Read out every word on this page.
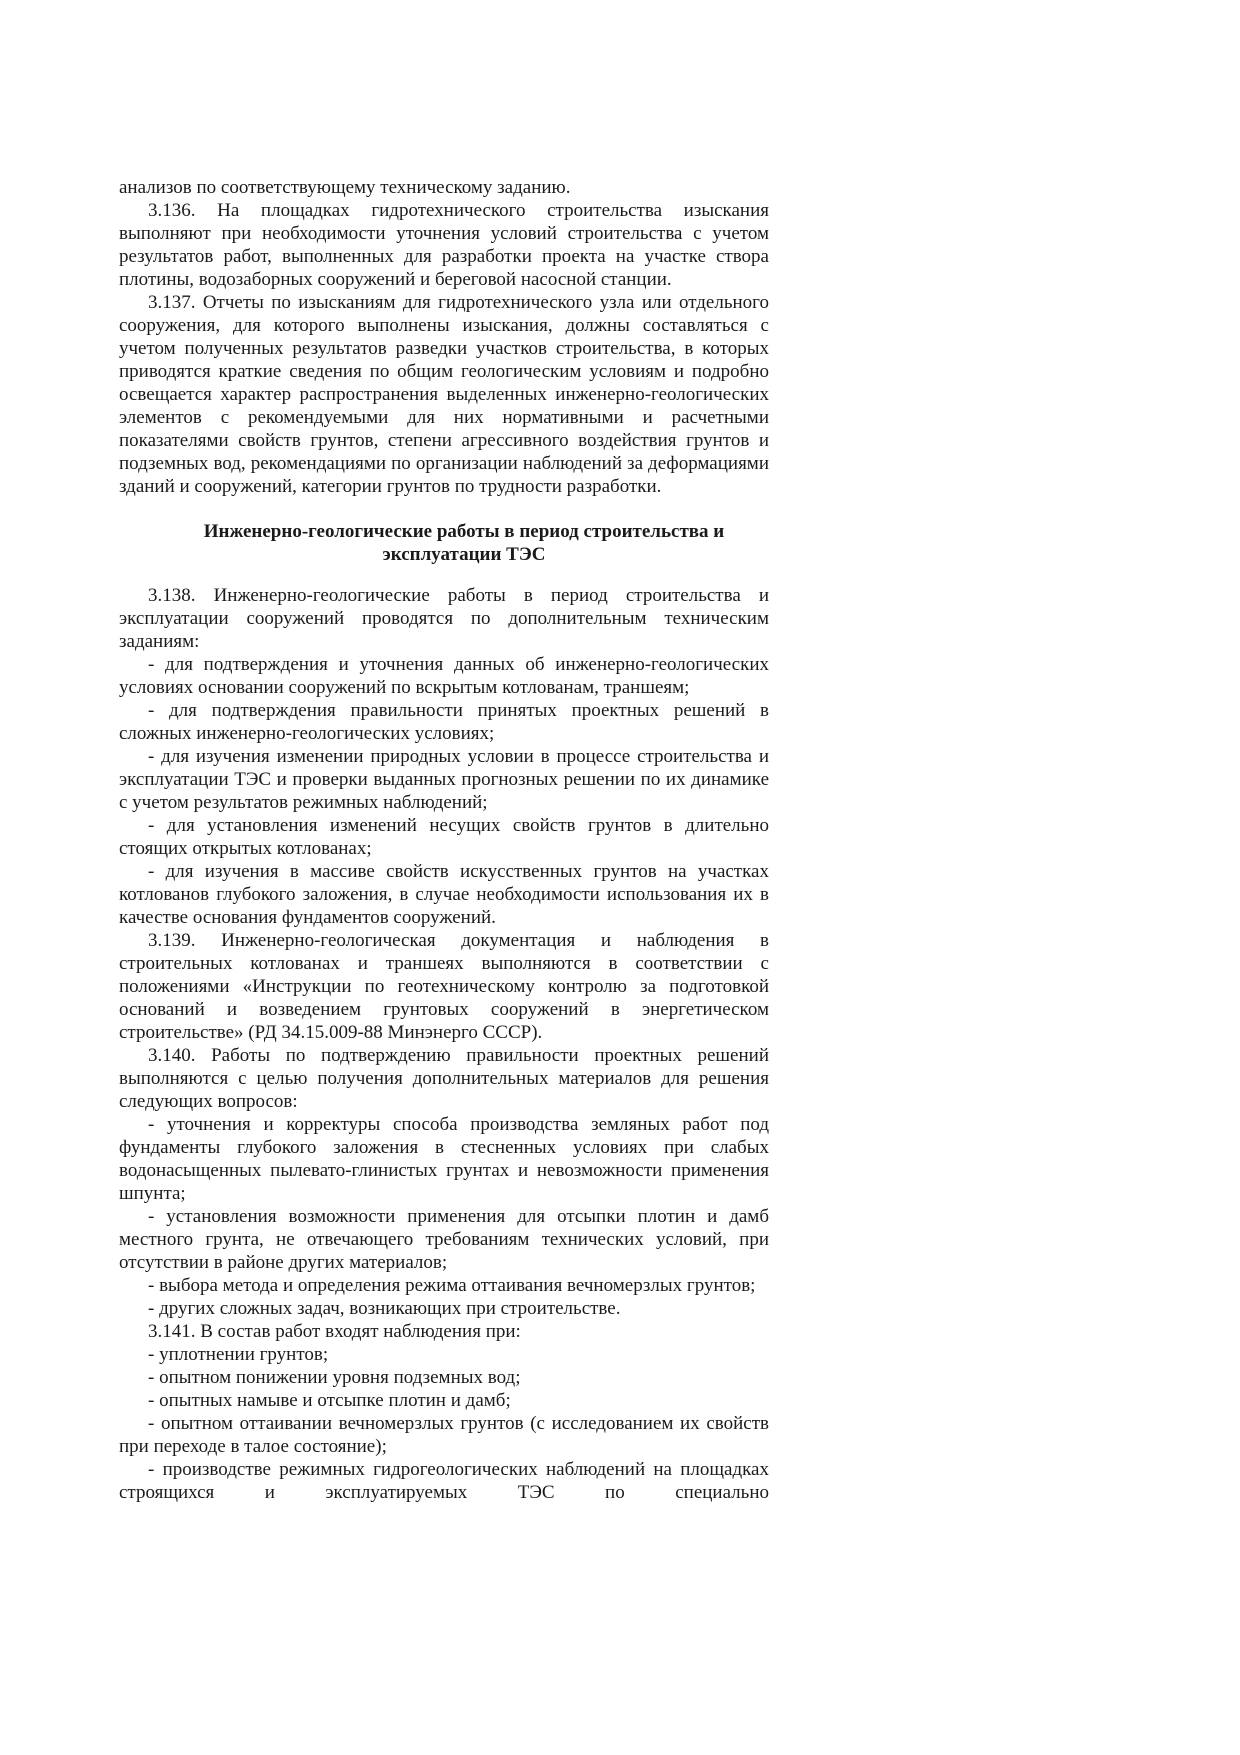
анализов по соответствующему техническому заданию.

3.136. На площадках гидротехнического строительства изыскания выполняют при необходимости уточнения условий строительства с учетом результатов работ, выполненных для разработки проекта на участке створа плотины, водозаборных сооружений и береговой насосной станции.

3.137. Отчеты по изысканиям для гидротехнического узла или отдельного сооружения, для которого выполнены изыскания, должны составляться с учетом полученных результатов разведки участков строительства, в которых приводятся краткие сведения по общим геологическим условиям и подробно освещается характер распространения выделенных инженерно-геологических элементов с рекомендуемыми для них нормативными и расчетными показателями свойств грунтов, степени агрессивного воздействия грунтов и подземных вод, рекомендациями по организации наблюдений за деформациями зданий и сооружений, категории грунтов по трудности разработки.

Инженерно-геологические работы в период строительства и эксплуатации ТЭС

3.138. Инженерно-геологические работы в период строительства и эксплуатации сооружений проводятся по дополнительным техническим заданиям:

- для подтверждения и уточнения данных об инженерно-геологических условиях основании сооружений по вскрытым котлованам, траншеям;

- для подтверждения правильности принятых проектных решений в сложных инженерно-геологических условиях;

- для изучения изменении природных условии в процессе строительства и эксплуатации ТЭС и проверки выданных прогнозных решении по их динамике с учетом результатов режимных наблюдений;

- для установления изменений несущих свойств грунтов в длительно стоящих открытых котлованах;

- для изучения в массиве свойств искусственных грунтов на участках котлованов глубокого заложения, в случае необходимости использования их в качестве основания фундаментов сооружений.

3.139. Инженерно-геологическая документация и наблюдения в строительных котлованах и траншеях выполняются в соответствии с положениями «Инструкции по геотехническому контролю за подготовкой оснований и возведением грунтовых сооружений в энергетическом строительстве» (РД 34.15.009-88 Минэнерго СССР).

3.140. Работы по подтверждению правильности проектных решений выполняются с целью получения дополнительных материалов для решения следующих вопросов:

- уточнения и корректуры способа производства земляных работ под фундаменты глубокого заложения в стесненных условиях при слабых водонасыщенных пылевато-глинистых грунтах и невозможности применения шпунта;

- установления возможности применения для отсыпки плотин и дамб местного грунта, не отвечающего требованиям технических условий, при отсутствии в районе других материалов;

- выбора метода и определения режима оттаивания вечномерзлых грунтов;

- других сложных задач, возникающих при строительстве.

3.141. В состав работ входят наблюдения при:

- уплотнении грунтов;

- опытном понижении уровня подземных вод;

- опытных намыве и отсыпке плотин и дамб;

- опытном оттаивании вечномерзлых грунтов (с исследованием их свойств при переходе в талое состояние);

- производстве режимных гидрогеологических наблюдений на площадках строящихся и эксплуатируемых ТЭС по специально
